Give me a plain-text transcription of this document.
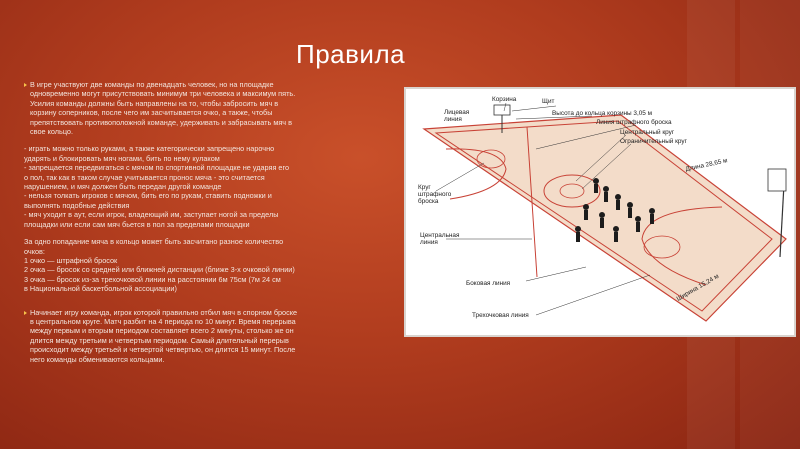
Правила

В игре участвуют две команды по двенадцать человек, но на площадке
одновременно могут присутствовать минимум три человека и максимум пять.
Усилия команды должны быть направлены на то, чтобы забросить мяч в
корзину соперников, после чего им засчитывается очко, а также, чтобы
препятствовать противоположной команде, удерживать и забрасывать мяч в
свое кольцо.

- играть можно только руками, а также категорически запрещено нарочно
ударять и блокировать мяч ногами, бить по нему кулаком
- запрещается передвигаться с мячом по спортивной площадке не ударяя его
о пол, так как в таком случае учитывается пронос мяча - это считается
нарушением, и мяч должен быть передан другой команде
- нельзя толкать игроков с мячом, бить его по рукам, ставить подножки и
выполнять подобные действия
- мяч уходит в аут, если игрок, владеющий им, заступает ногой за пределы
площадки или если сам мяч бьется в пол за пределами площадки

За одно попадание мяча в кольцо может быть засчитано разное количество
очков:
1 очко — штрафной бросок
2 очка — бросок со средней или ближней дистанции (ближе 3-х очковой линии)
3 очка — бросок из-за трехочковой линии на расстоянии 6м 75см (7м 24 см
в Национальной баскетбольной ассоциации)

Начинает игру команда, игрок которой правильно отбил мяч в спорном броске
в центральном круге. Матч разбит на 4 периода по 10 минут. Время перерыва
между первым и вторым периодом составляет всего 2 минуты, столько же он
длится между третьим и четвертым периодом. Самый длительный перерыв
происходит между третьей и четвертой четвертью, он длится 15 минут. После
него команды обмениваются кольцами.

Корзина	Щит
Лицевая
линия
Высота до кольца корзины 3,05 м
Линия штрафного броска
Центральный круг
Ограничительный круг
Длина 28,65 м
Круг
штрафного
броска
Центральная
линия
Боковая линия
Трехочковая линия
Ширина 15,24 м
